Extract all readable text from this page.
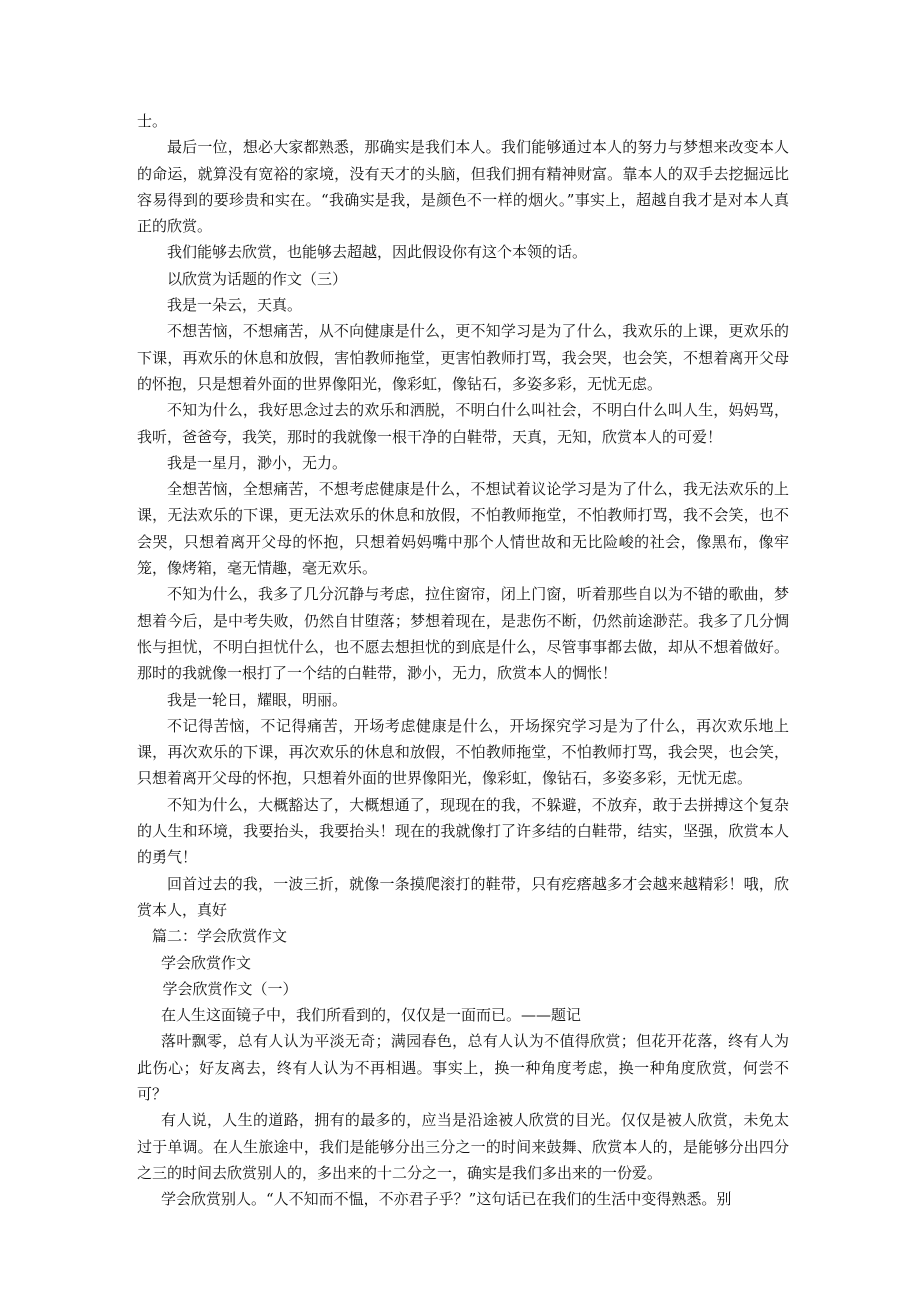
士。

最后一位，想必大家都熟悉，那确实是我们本人。我们能够通过本人的努力与梦想来改变本人的命运，就算没有宽裕的家境，没有天才的头脑，但我们拥有精神财富。靠本人的双手去挖掘远比容易得到的要珍贵和实在。“我确实是我，是颜色不一样的烟火。”事实上，超越自我才是对本人真正的欣赏。

我们能够去欣赏，也能够去超越，因此假设你有这个本领的话。

以欣赏为话题的作文（三）

我是一朵云，天真。

不想苦恼，不想痛苦，从不向健康是什么，更不知学习是为了什么，我欢乐的上课，更欢乐的下课，再欢乐的休息和放假，害怕教师拖堂，更害怕教师打骂，我会哭，也会笑，不想着离开父母的怀抱，只是想着外面的世界像阳光，像彩虹，像钻石，多姿多彩，无忧无虑。

不知为什么，我好思念过去的欢乐和洒脱，不明白什么叫社会，不明白什么叫人生，妈妈骂，我听，爸爸夸，我笑，那时的我就像一根干净的白鞋带，天真，无知，欣赏本人的可爱！

我是一星月，渺小，无力。

全想苦恼，全想痛苦，不想考虑健康是什么，不想试着议论学习是为了什么，我无法欢乐的上课，无法欢乐的下课，更无法欢乐的休息和放假，不怕教师拖堂，不怕教师打骂，我不会笑，也不会哭，只想着离开父母的怀抱，只想着妈妈嘴中那个人情世故和无比险峻的社会，像黑布，像牢笼，像烤箱，毫无情趣，毫无欢乐。

不知为什么，我多了几分沉静与考虑，拉住窗帘，闭上门窗，听着那些自以为不错的歌曲，梦想着今后，是中考失败，仍然自甘堕落；梦想着现在，是悲伤不断，仍然前途渺茫。我多了几分惆怅与担忧，不明白担忧什么，也不愿去想担忧的到底是什么，尽管事事都去做，却从不想着做好。那时的我就像一根打了一个结的白鞋带，渺小，无力，欣赏本人的惆怅！

我是一轮日，耀眼，明丽。

不记得苦恼，不记得痛苦，开场考虑健康是什么，开场探究学习是为了什么，再次欢乐地上课，再次欢乐的下课，再次欢乐的休息和放假，不怕教师拖堂，不怕教师打骂，我会哭，也会笑，只想着离开父母的怀抱，只想着外面的世界像阳光，像彩虹，像钻石，多姿多彩，无忧无虑。

不知为什么，大概豁达了，大概想通了，现现在的我，不躲避，不放弃，敢于去拼搏这个复杂的人生和环境，我要抬头，我要抬头！现在的我就像打了许多结的白鞋带，结实，坚强，欣赏本人的勇气！

回首过去的我，一波三折，就像一条摸爬滚打的鞋带，只有疙瘩越多才会越来越精彩！哦，欣赏本人，真好

篇二：学会欣赏作文

学会欣赏作文

学会欣赏作文（一）

在人生这面镜子中，我们所看到的，仅仅是一面而已。——题记

落叶飘零，总有人认为平淡无奇；满园春色，总有人认为不值得欣赏；但花开花落，终有人为此伤心；好友离去，终有人认为不再相遇。事实上，换一种角度考虑，换一种角度欣赏，何尝不可？

有人说，人生的道路，拥有的最多的，应当是沿途被人欣赏的目光。仅仅是被人欣赏，未免太过于单调。在人生旅途中，我们是能够分出三分之一的时间来鼓舞、欣赏本人的，是能够分出四分之三的时间去欣赏别人的，多出来的十二分之一，确实是我们多出来的一份爱。

学会欣赏别人。“人不知而不愠，不亦君子乎？”这句话已在我们的生活中变得熟悉。别
